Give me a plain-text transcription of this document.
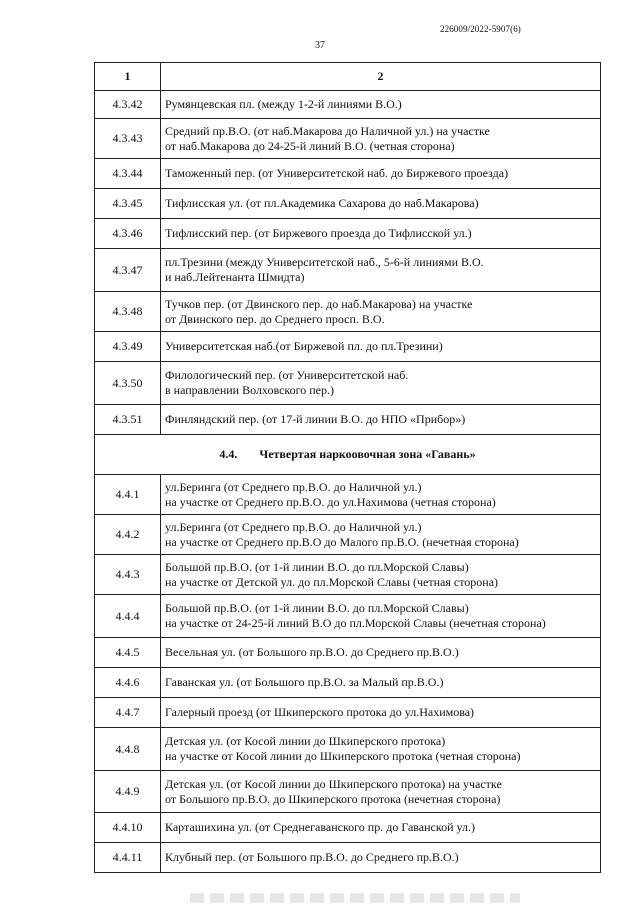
226009/2022-5907(6)
37
1	2
4.3.42	Румянцевская пл. (между 1-2-й линиями В.О.)

4.3.43	Средний пр.В.О. (от наб.Макарова до Наличной ул.) на участке
от наб.Макарова до 24-25-й линий В.О. (четная сторона)

4.3.44	Таможенный пер. (от Университетской наб. до Биржевого проезда)

4.3.45	Тифлисская ул. (от пл.Академика Сахарова до наб.Макарова)

4.3.46	Тифлисский пер. (от Биржевого проезда до Тифлисской ул.)

4.3.47	пл.Трезини (между Университетской наб., 5-6-й линиями В.О.
и наб.Лейтенанта Шмидта)

4.3.48	Тучков пер. (от Двинского пер. до наб.Макарова) на участке
от Двинского пер. до Среднего просп. В.О.

4.3.49	Университетская наб.(от Биржевой пл. до пл.Трезини)

4.3.50	Филологический пер. (от Университетской наб.
в направлении Волховского пер.)

4.3.51	Финляндский пер. (от 17-й линии В.О. до НПО «Прибор»)

4.4. Четвертая наркоовочная зона «Гавань»	
4.4.1	ул.Беринга (от Среднего пр.В.О. до Наличной ул.)
на участке от Среднего пр.В.О. до ул.Нахимова (четная сторона)

4.4.2	ул.Беринга (от Среднего пр.В.О. до Наличной ул.)
на участке от Среднего пр.В.О до Малого пр.В.О. (нечетная сторона)

4.4.3	Большой пр.В.О. (от 1-й линии В.О. до пл.Морской Славы)
на участке от Детской ул. до пл.Морской Славы (четная сторона)

4.4.4	Большой пр.В.О. (от 1-й линии В.О. до пл.Морской Славы)
на участке от 24-25-й линий В.О до пл.Морской Славы (нечетная сторона)

4.4.5	Весельная ул. (от Большого пр.В.О. до Среднего пр.В.О.)

4.4.6	Гаванская ул. (от Большого пр.В.О. за Малый пр.В.О.)

4.4.7	Галерный проезд (от Шкиперского протока до ул.Нахимова)

4.4.8	Детская ул. (от Косой линии до Шкиперского протока)
на участке от Косой линии до Шкиперского протока (четная сторона)

4.4.9	Детская ул. (от Косой линии до Шкиперского протока) на участке
от Большого пр.В.О. до Шкиперского протока (нечетная сторона)

4.4.10	Карташихина ул. (от Среднегаванского пр. до Гаванской ул.)

4.4.11	Клубный пер. (от Большого пр.В.О. до Среднего пр.В.О.)
